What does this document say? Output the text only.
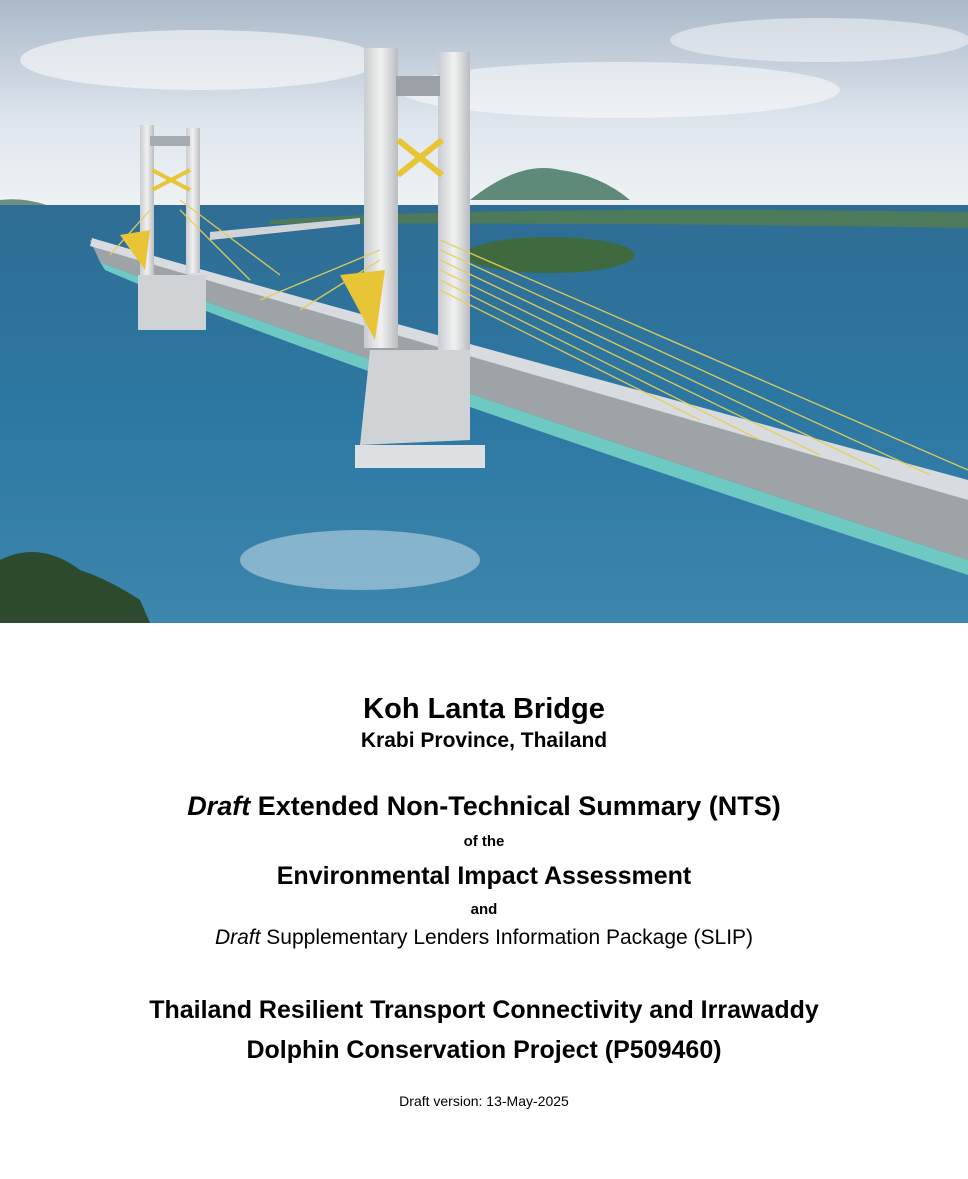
Koh Lanta Bridge

Krabi Province, Thailand

Draft Extended Non-Technical Summary (NTS)

of the

Environmental Impact Assessment

and

Draft Supplementary Lenders Information Package (SLIP)

Thailand Resilient Transport Connectivity and Irrawaddy
Dolphin Conservation Project (P509460)

Draft version: 13-May-2025
